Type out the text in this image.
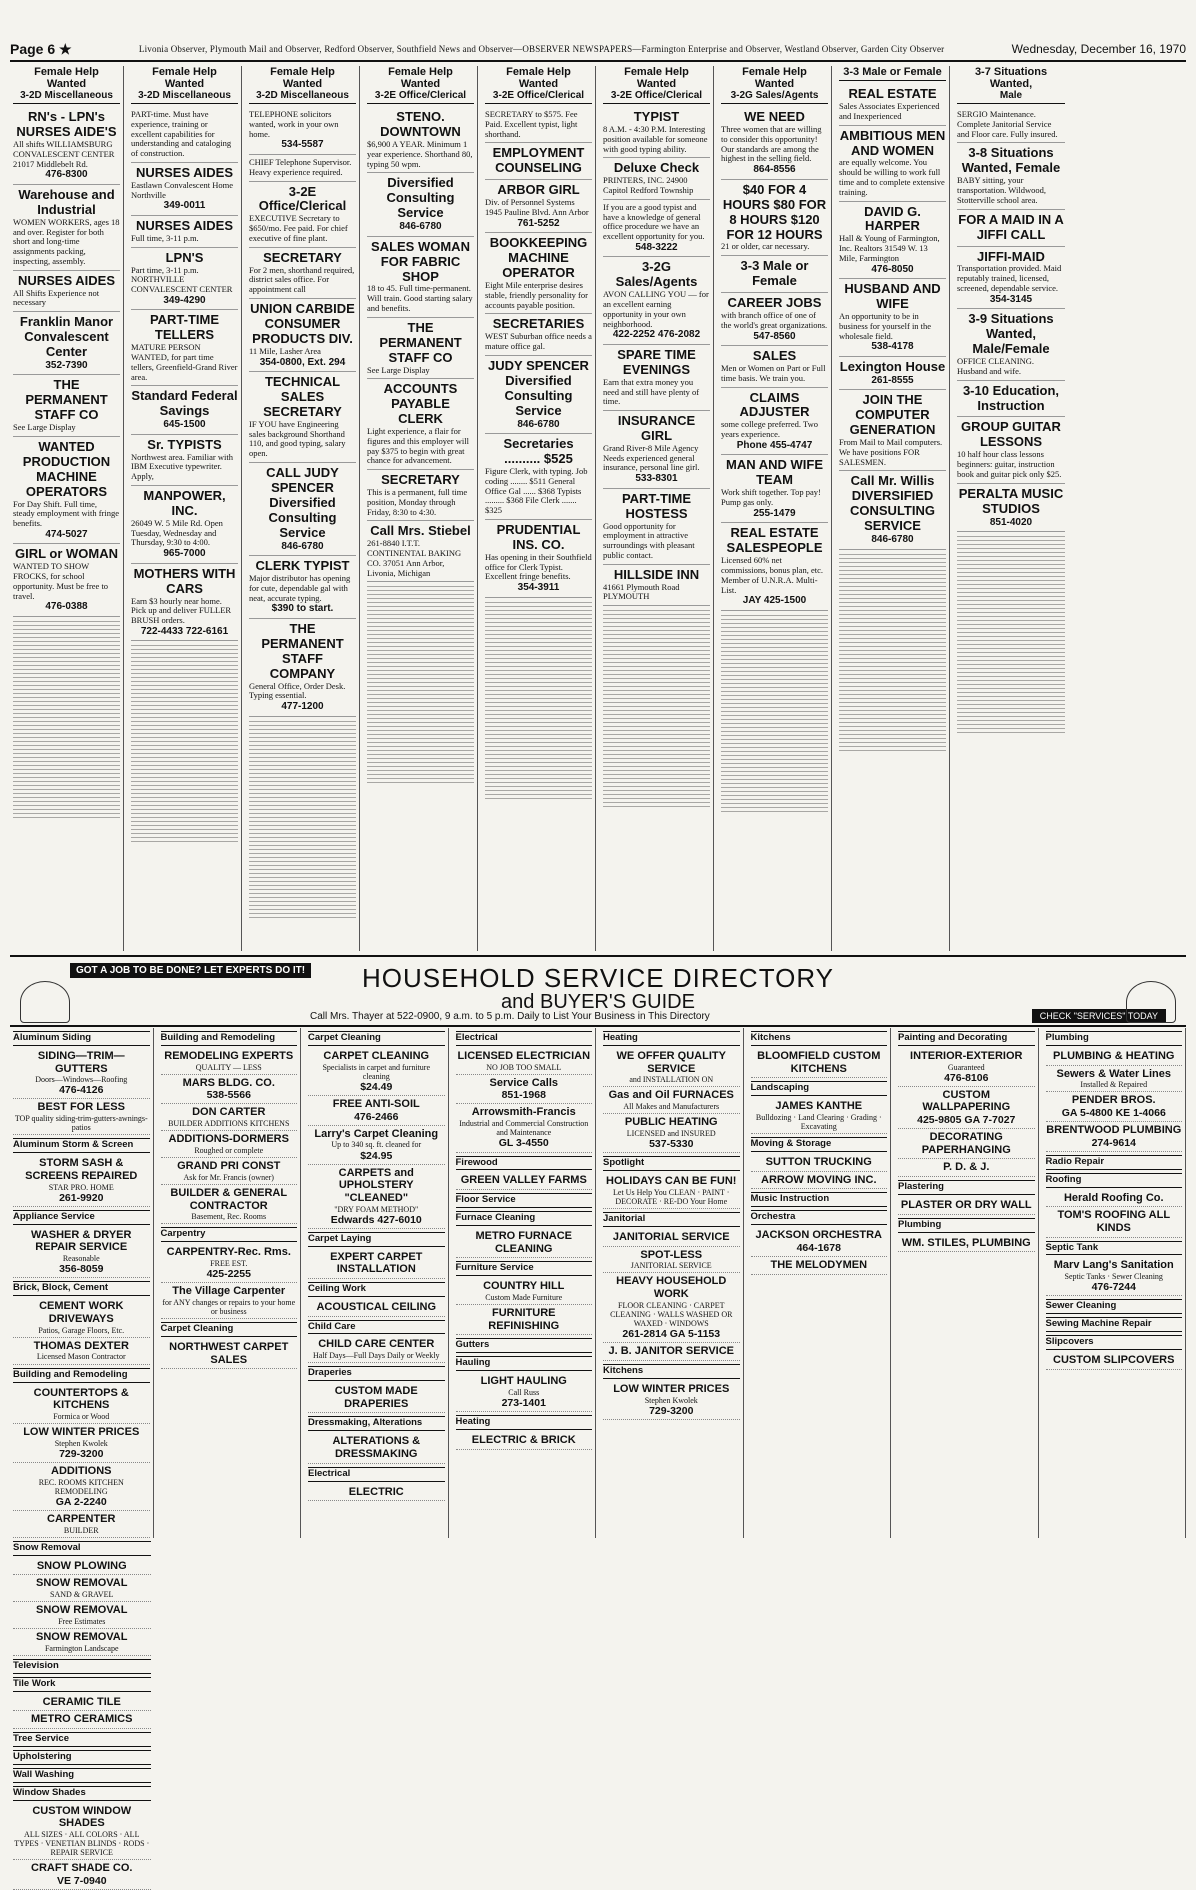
Page 6 ★	Livonia Observer, Plymouth Mail and Observer, Redford Observer, Southfield News and Observer—OBSERVER NEWSPAPERS—Farmington Enterprise and Observer, Westland Observer, Garden City Observer	Wednesday, December 16, 1970
Female Help Wanted
3-2D Miscellaneous
RN's - LPN's NURSES AIDE'S
All shifts WILLIAMSBURG CONVALESCENT CENTER 21017 Middlebelt Rd.
476-8300
Warehouse and Industrial
WOMEN WORKERS, ages 18 and over. Register for both short and long-time assignments packing, inspecting, assembly.
NURSES AIDES
All Shifts Experience not necessary
Franklin Manor Convalescent Center
352-7390
THE PERMANENT STAFF CO
See Large Display
WANTED PRODUCTION MACHINE OPERATORS
For Day Shift. Full time, steady employment with fringe benefits.
474-5027
GIRL or WOMAN
WANTED TO SHOW FROCKS, for school opportunity. Must be free to travel.
476-0388
Female Help Wanted
3-2D Miscellaneous
PART-time. Must have experience, training or excellent capabilities for understanding and cataloging of construction.
NURSES AIDES
Eastlawn Convalescent Home Northville
349-0011
NURSES AIDES
Full time, 3-11 p.m.
LPN'S
Part time, 3-11 p.m. NORTHVILLE CONVALESCENT CENTER
349-4290
PART-TIME TELLERS
MATURE PERSON WANTED, for part time tellers, Greenfield-Grand River area.
Standard Federal Savings
645-1500
Sr. TYPISTS
Northwest area. Familiar with IBM Executive typewriter. Apply,
MANPOWER, INC.
26049 W. 5 Mile Rd. Open Tuesday, Wednesday and Thursday, 9:30 to 4:00.
965-7000
MOTHERS WITH CARS
Earn $3 hourly near home. Pick up and deliver FULLER BRUSH orders.
722-4433 722-6161
Female Help Wanted
3-2D Miscellaneous
TELEPHONE solicitors wanted, work in your own home.
534-5587
CHIEF Telephone Supervisor. Heavy experience required.
3-2E Office/Clerical
EXECUTIVE Secretary to $650/mo. Fee paid. For chief executive of fine plant.
SECRETARY
For 2 men, shorthand required, district sales office. For appointment call
UNION CARBIDE CONSUMER PRODUCTS DIV.
11 Mile, Lasher Area
354-0800, Ext. 294
TECHNICAL SALES SECRETARY
IF YOU have Engineering sales background Shorthand 110, and good typing, salary open.
CALL JUDY SPENCER Diversified Consulting Service
846-6780
CLERK TYPIST
Major distributor has opening for cute, dependable gal with neat, accurate typing.
$390 to start.
THE PERMANENT STAFF COMPANY
General Office, Order Desk. Typing essential.
477-1200
Female Help Wanted
3-2E Office/Clerical
STENO. DOWNTOWN
$6,900 A YEAR. Minimum 1 year experience. Shorthand 80, typing 50 wpm.
Diversified Consulting Service
846-6780
SALES WOMAN FOR FABRIC SHOP
18 to 45. Full time-permanent. Will train. Good starting salary and benefits.
THE PERMANENT STAFF CO
See Large Display
ACCOUNTS PAYABLE CLERK
Light experience, a flair for figures and this employer will pay $375 to begin with great chance for advancement.
SECRETARY
This is a permanent, full time position, Monday through Friday, 8:30 to 4:30.
Call Mrs. Stiebel
261-8840 I.T.T. CONTINENTAL BAKING CO. 37051 Ann Arbor, Livonia, Michigan
Female Help Wanted
3-2E Office/Clerical
SECRETARY to $575. Fee Paid. Excellent typist, light shorthand.
EMPLOYMENT COUNSELING
ARBOR GIRL
Div. of Personnel Systems 1945 Pauline Blvd. Ann Arbor
761-5252
BOOKKEEPING MACHINE OPERATOR
Eight Mile enterprise desires stable, friendly personality for accounts payable position.
SECRETARIES
WEST Suburban office needs a mature office gal.
JUDY SPENCER Diversified Consulting Service
846-6780
Secretaries .......... $525
Figure Clerk, with typing. Job coding ........ $511 General Office Gal ...... $368 Typists ......... $368 File Clerk ....... $325
PRUDENTIAL INS. CO.
Has opening in their Southfield office for Clerk Typist. Excellent fringe benefits.
354-3911
Female Help Wanted
3-2E Office/Clerical
TYPIST
8 A.M. - 4:30 P.M. Interesting position available for someone with good typing ability.
Deluxe Check
PRINTERS, INC. 24900 Capitol Redford Township
If you are a good typist and have a knowledge of general office procedure we have an excellent opportunity for you.
548-3222
3-2G Sales/Agents
AVON CALLING YOU — for an excellent earning opportunity in your own neighborhood.
422-2252 476-2082
SPARE TIME EVENINGS
Earn that extra money you need and still have plenty of time.
INSURANCE GIRL
Grand River-8 Mile Agency Needs experienced general insurance, personal line girl.
533-8301
PART-TIME HOSTESS
Good opportunity for employment in attractive surroundings with pleasant public contact.
HILLSIDE INN
41661 Plymouth Road PLYMOUTH
Female Help Wanted
3-2G Sales/Agents
WE NEED
Three women that are willing to consider this opportunity! Our standards are among the highest in the selling field.
864-8556
$40 FOR 4 HOURS $80 FOR 8 HOURS $120 FOR 12 HOURS
21 or older, car necessary.
3-3 Male or Female
CAREER JOBS
with branch office of one of the world's great organizations.
547-8560
SALES
Men or Women on Part or Full time basis. We train you.
CLAIMS ADJUSTER
some college preferred. Two years experience.
Phone 455-4747
MAN AND WIFE TEAM
Work shift together. Top pay! Pump gas only.
255-1479
REAL ESTATE SALESPEOPLE
Licensed 60% net commissions, bonus plan, etc. Member of U.N.R.A. Multi-List.
JAY 425-1500
3-3 Male or Female
REAL ESTATE
Sales Associates Experienced and Inexperienced
AMBITIOUS MEN AND WOMEN
are equally welcome. You should be willing to work full time and to complete extensive training.
DAVID G. HARPER
Hall & Young of Farmington, Inc. Realtors 31549 W. 13 Mile, Farmington
476-8050
HUSBAND AND WIFE
An opportunity to be in business for yourself in the wholesale field.
538-4178
Lexington House
261-8555
JOIN THE COMPUTER GENERATION
From Mail to Mail computers. We have positions FOR SALESMEN.
Call Mr. Willis DIVERSIFIED CONSULTING SERVICE
846-6780
3-7 Situations Wanted,
Male
SERGIO Maintenance. Complete Janitorial Service and Floor care. Fully insured.
3-8 Situations Wanted, Female
BABY sitting, your transportation. Wildwood, Stotterville school area.
FOR A MAID IN A JIFFI CALL
JIFFI-MAID
Transportation provided. Maid reputably trained, licensed, screened, dependable service.
354-3145
3-9 Situations Wanted, Male/Female
OFFICE CLEANING. Husband and wife.
3-10 Education, Instruction
GROUP GUITAR LESSONS
10 half hour class lessons beginners: guitar, instruction book and guitar pick only $25.
PERALTA MUSIC STUDIOS
851-4020
GOT A JOB TO BE DONE? LET EXPERTS DO IT!	HOUSEHOLD SERVICE DIRECTORY
and BUYER'S GUIDE
Call Mrs. Thayer at 522-0900, 9 a.m. to 5 p.m. Daily to List Your Business in This Directory	CHECK "SERVICES" TODAY
Aluminum Siding
SIDING—TRIM—GUTTERS
Doors—Windows—Roofing
476-4126
BEST FOR LESS
TOP quality siding-trim-gutters-awnings-patios
Aluminum Storm & Screen
STORM SASH & SCREENS REPAIRED
STAR PRO. HOME
261-9920
Appliance Service
WASHER & DRYER REPAIR SERVICE
Reasonable
356-8059
Brick, Block, Cement
CEMENT WORK DRIVEWAYS
Patios, Garage Floors, Etc.
THOMAS DEXTER
Licensed Mason Contractor
Building and Remodeling
COUNTERTOPS & KITCHENS
Formica or Wood
LOW WINTER PRICES
Stephen Kwolek
729-3200
ADDITIONS
REC. ROOMS KITCHEN REMODELING
GA 2-2240
CARPENTER
BUILDER
Building and Remodeling
REMODELING EXPERTS
QUALITY — LESS
MARS BLDG. CO.
538-5566
DON CARTER
BUILDER ADDITIONS KITCHENS
ADDITIONS-DORMERS
Roughed or complete
GRAND PRI CONST
Ask for Mr. Francis (owner)
BUILDER & GENERAL CONTRACTOR
Basement, Rec. Rooms
Carpentry
CARPENTRY-Rec. Rms.
FREE EST.
425-2255
The Village Carpenter
for ANY changes or repairs to your home or business
Carpet Cleaning
NORTHWEST CARPET SALES
Carpet Cleaning
CARPET CLEANING
Specialists in carpet and furniture cleaning
$24.49
FREE ANTI-SOIL
476-2466
Larry's Carpet Cleaning
Up to 340 sq. ft. cleaned for
$24.95
CARPETS and UPHOLSTERY "CLEANED"
"DRY FOAM METHOD"
Edwards 427-6010
Carpet Laying
EXPERT CARPET INSTALLATION
Ceiling Work
ACOUSTICAL CEILING
Child Care
CHILD CARE CENTER
Half Days—Full Days Daily or Weekly
Draperies
CUSTOM MADE DRAPERIES
Dressmaking, Alterations
ALTERATIONS & DRESSMAKING
Electrical
ELECTRIC
Electrical
LICENSED ELECTRICIAN
NO JOB TOO SMALL
Service Calls
851-1968
Arrowsmith-Francis
Industrial and Commercial Construction and Maintenance
GL 3-4550
Firewood
GREEN VALLEY FARMS
Floor Service
Furnace Cleaning
METRO FURNACE CLEANING
Furniture Service
COUNTRY HILL
Custom Made Furniture
FURNITURE REFINISHING
Gutters
Hauling
LIGHT HAULING
Call Russ
273-1401
Heating
ELECTRIC & BRICK
Heating
WE OFFER QUALITY SERVICE
and INSTALLATION ON
Gas and Oil FURNACES
All Makes and Manufacturers
PUBLIC HEATING
LICENSED and INSURED
537-5330
Spotlight
HOLIDAYS CAN BE FUN!
Let Us Help You CLEAN · PAINT · DECORATE · RE-DO Your Home
Janitorial
JANITORIAL SERVICE
SPOT-LESS
JANITORIAL SERVICE
HEAVY HOUSEHOLD WORK
FLOOR CLEANING · CARPET CLEANING · WALLS WASHED OR WAXED · WINDOWS
261-2814 GA 5-1153
J. B. JANITOR SERVICE
Kitchens
LOW WINTER PRICES
Stephen Kwolek
729-3200
Kitchens
BLOOMFIELD CUSTOM KITCHENS
Landscaping
JAMES KANTHE
Bulldozing · Land Clearing · Grading · Excavating
Moving & Storage
SUTTON TRUCKING
ARROW MOVING INC.
Music Instruction
Orchestra
JACKSON ORCHESTRA
464-1678
THE MELODYMEN
Painting and Decorating
INTERIOR-EXTERIOR
Guaranteed
476-8106
CUSTOM WALLPAPERING
425-9805 GA 7-7027
DECORATING PAPERHANGING
P. D. & J.
Plastering
PLASTER OR DRY WALL
Plumbing
WM. STILES, PLUMBING
Plumbing
PLUMBING & HEATING
Sewers & Water Lines
Installed & Repaired
PENDER BROS.
GA 5-4800 KE 1-4066
BRENTWOOD PLUMBING
274-9614
Radio Repair
Roofing
Herald Roofing Co.
TOM'S ROOFING ALL KINDS
Septic Tank
Marv Lang's Sanitation
Septic Tanks · Sewer Cleaning
476-7244
Sewer Cleaning
Sewing Machine Repair
Slipcovers
CUSTOM SLIPCOVERS
Snow Removal
SNOW PLOWING
SNOW REMOVAL
SAND & GRAVEL
SNOW REMOVAL
Free Estimates
SNOW REMOVAL
Farmington Landscape
Television
Tile Work
CERAMIC TILE
METRO CERAMICS
Tree Service
Upholstering
Wall Washing
Window Shades
CUSTOM WINDOW SHADES
ALL SIZES · ALL COLORS · ALL TYPES · VENETIAN BLINDS · RODS · REPAIR SERVICE
CRAFT SHADE CO.
VE 7-0940
